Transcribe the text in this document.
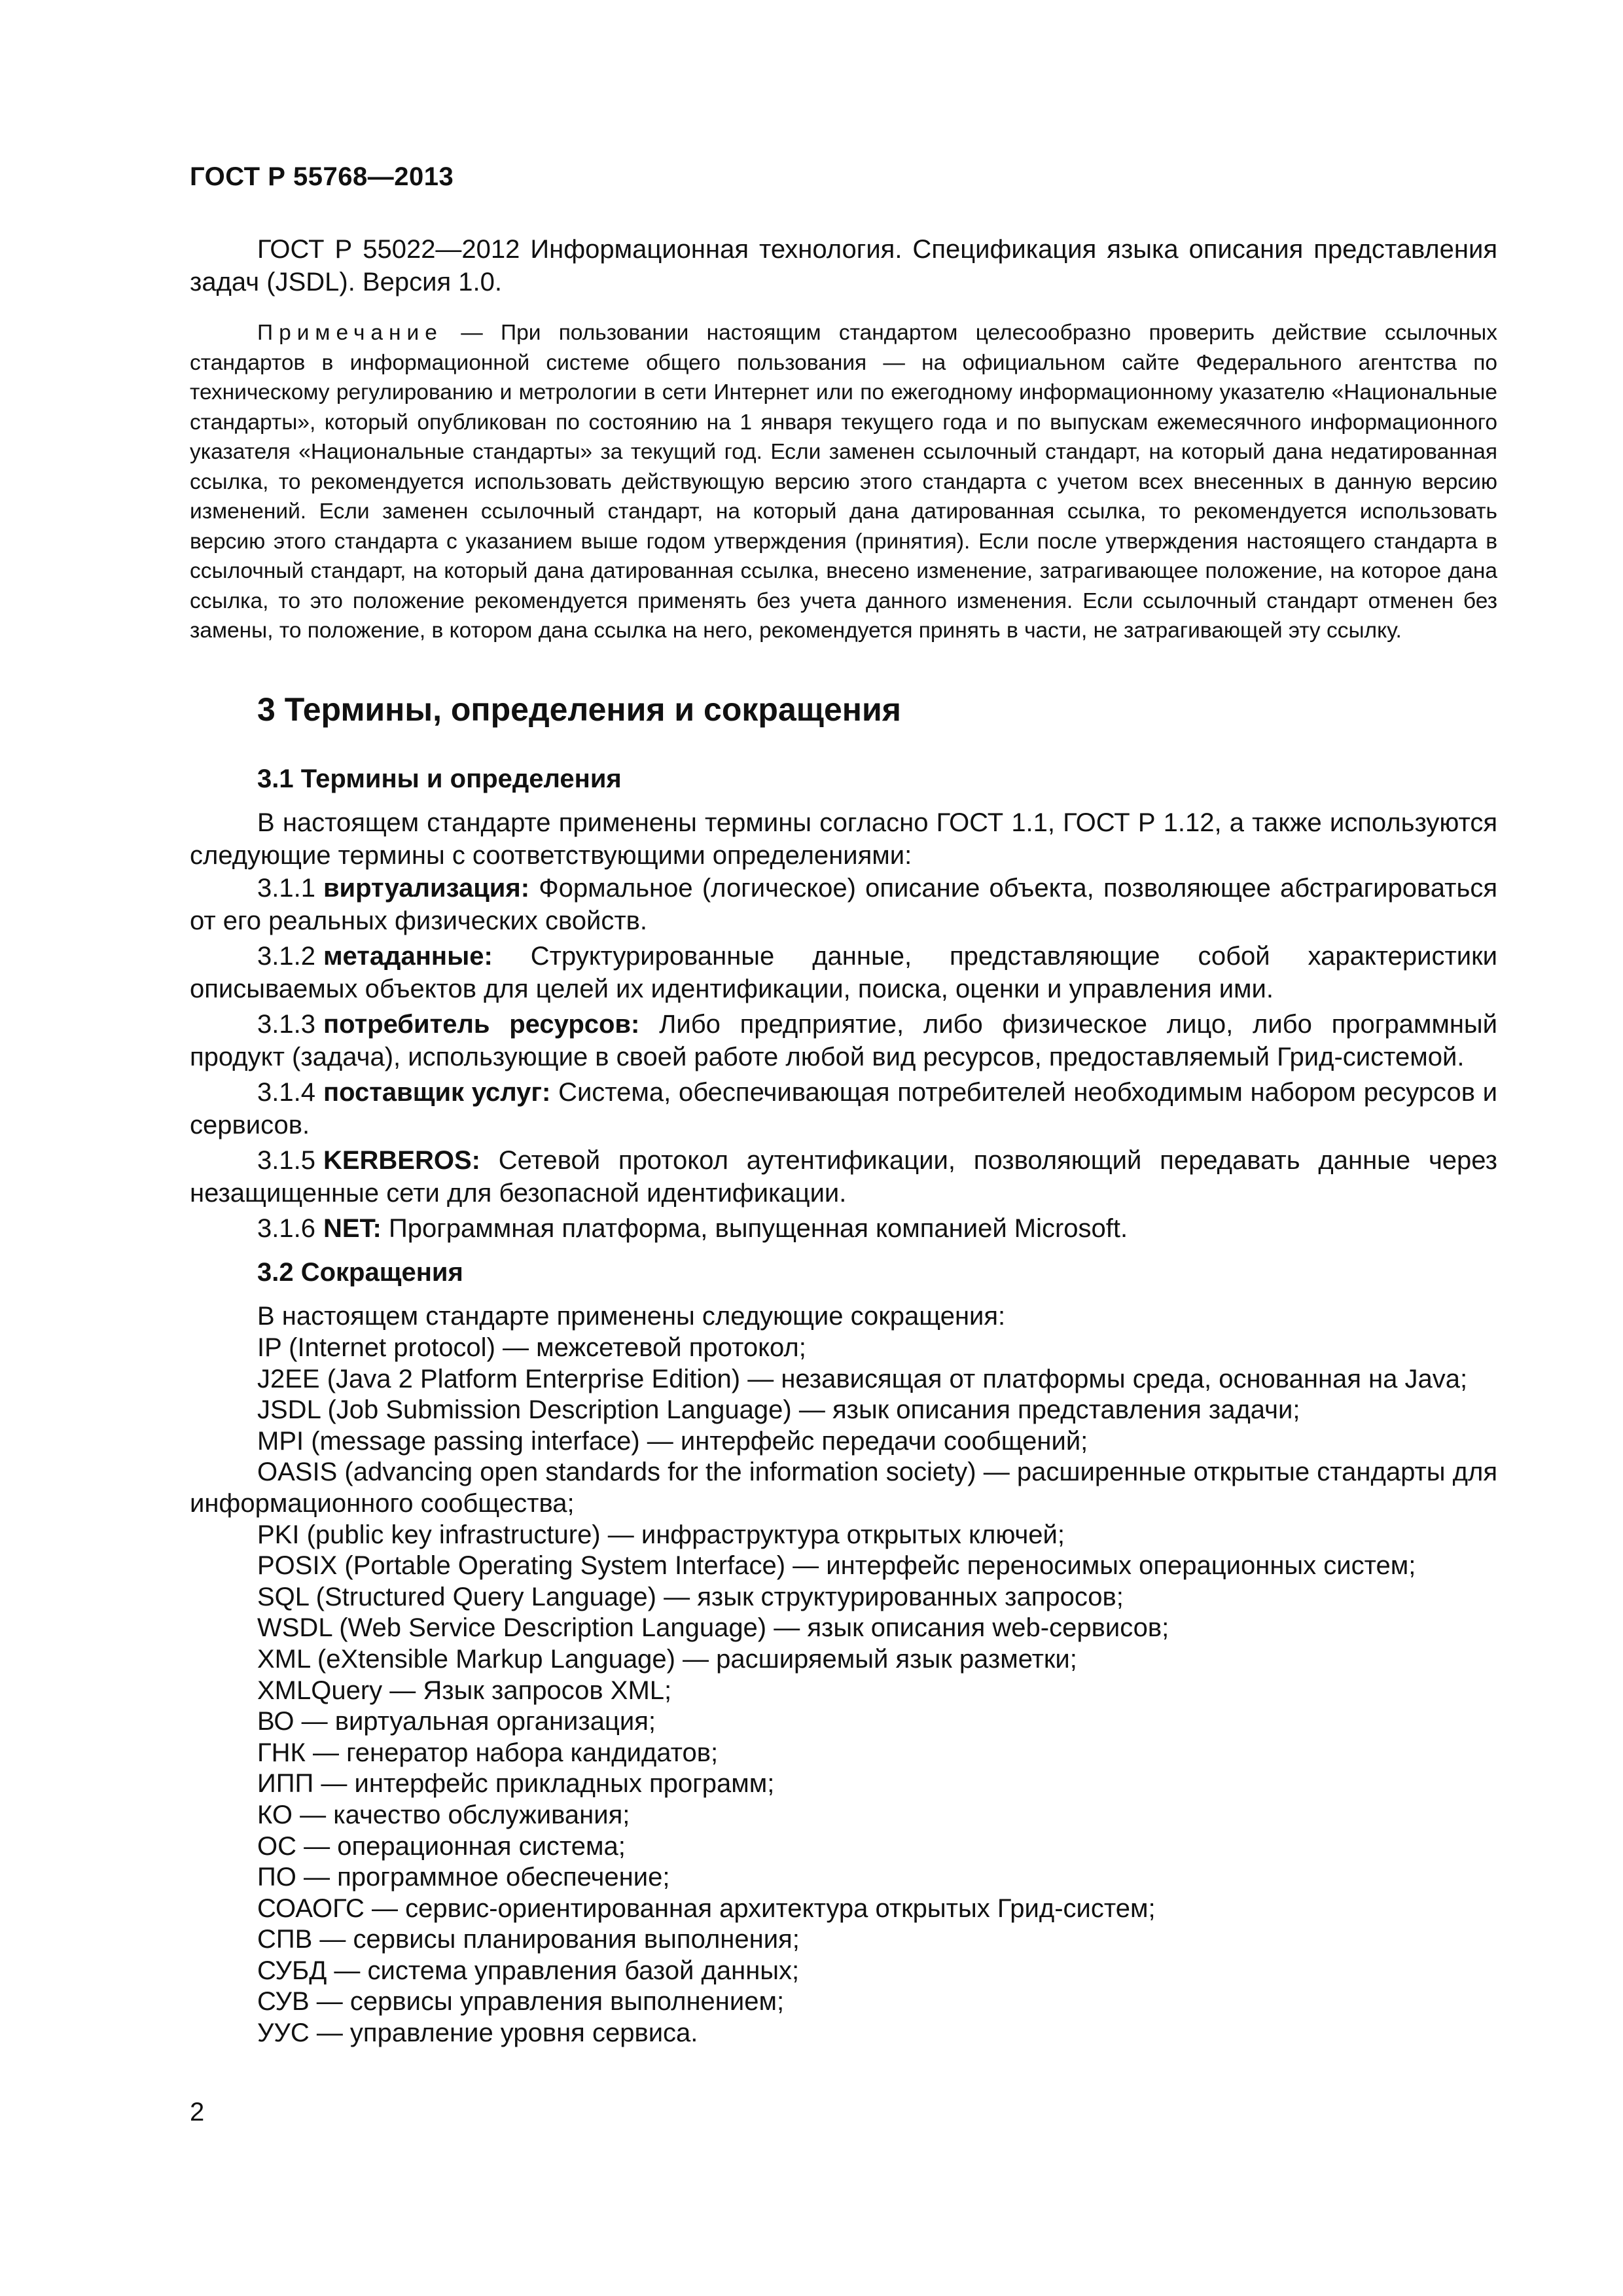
ГОСТ Р 55768—2013

ГОСТ Р 55022—2012 Информационная технология. Спецификация языка описания представления задач (JSDL). Версия 1.0.

Примечание — При пользовании настоящим стандартом целесообразно проверить действие ссылочных стандартов в информационной системе общего пользования — на официальном сайте Федерального агентства по техническому регулированию и метрологии в сети Интернет или по ежегодному информационному указателю «Национальные стандарты», который опубликован по состоянию на 1 января текущего года и по выпускам ежемесячного информационного указателя «Национальные стандарты» за текущий год. Если заменен ссылочный стандарт, на который дана недатированная ссылка, то рекомендуется использовать действующую версию этого стандарта с учетом всех внесенных в данную версию изменений. Если заменен ссылочный стандарт, на который дана датированная ссылка, то рекомендуется использовать версию этого стандарта с указанием выше годом утверждения (принятия). Если после утверждения настоящего стандарта в ссылочный стандарт, на который дана датированная ссылка, внесено изменение, затрагивающее положение, на которое дана ссылка, то это положение рекомендуется применять без учета данного изменения. Если ссылочный стандарт отменен без замены, то положение, в котором дана ссылка на него, рекомендуется принять в части, не затрагивающей эту ссылку.

3 Термины, определения и сокращения
3.1 Термины и определения

В настоящем стандарте применены термины согласно ГОСТ 1.1, ГОСТ Р 1.12, а также используются следующие термины с соответствующими определениями:

3.1.1 виртуализация: Формальное (логическое) описание объекта, позволяющее абстрагироваться от его реальных физических свойств.
3.1.2 метаданные: Структурированные данные, представляющие собой характеристики описываемых объектов для целей их идентификации, поиска, оценки и управления ими.
3.1.3 потребитель ресурсов: Либо предприятие, либо физическое лицо, либо программный продукт (задача), использующие в своей работе любой вид ресурсов, предоставляемый Грид-системой.
3.1.4 поставщик услуг: Система, обеспечивающая потребителей необходимым набором ресурсов и сервисов.
3.1.5 KERBEROS: Сетевой протокол аутентификации, позволяющий передавать данные через незащищенные сети для безопасной идентификации.
3.1.6 NET: Программная платформа, выпущенная компанией Microsoft.
3.2 Сокращения

В настоящем стандарте применены следующие сокращения:

IP (Internet protocol) — межсетевой протокол;
J2EE (Java 2 Platform Enterprise Edition) — независящая от платформы среда, основанная на Java;
JSDL (Job Submission Description Language) — язык описания представления задачи;
MPI (message passing interface) — интерфейс передачи сообщений;
OASIS (advancing open standards for the information society) — расширенные открытые стандарты для информационного сообщества;
PKI (public key infrastructure) — инфраструктура открытых ключей;
POSIX (Portable Operating System Interface) — интерфейс переносимых операционных систем;
SQL (Structured Query Language) — язык структурированных запросов;
WSDL (Web Service Description Language) — язык описания web-сервисов;
XML (eXtensible Markup Language) — расширяемый язык разметки;
XMLQuery — Язык запросов XML;
ВО — виртуальная организация;
ГНК — генератор набора кандидатов;
ИПП — интерфейс прикладных программ;
КО — качество обслуживания;
ОС — операционная система;
ПО — программное обеспечение;
СОАОГС — сервис-ориентированная архитектура открытых Грид-систем;
СПВ — сервисы планирования выполнения;
СУБД — система управления базой данных;
СУВ — сервисы управления выполнением;
УУС — управление уровня сервиса.
2
